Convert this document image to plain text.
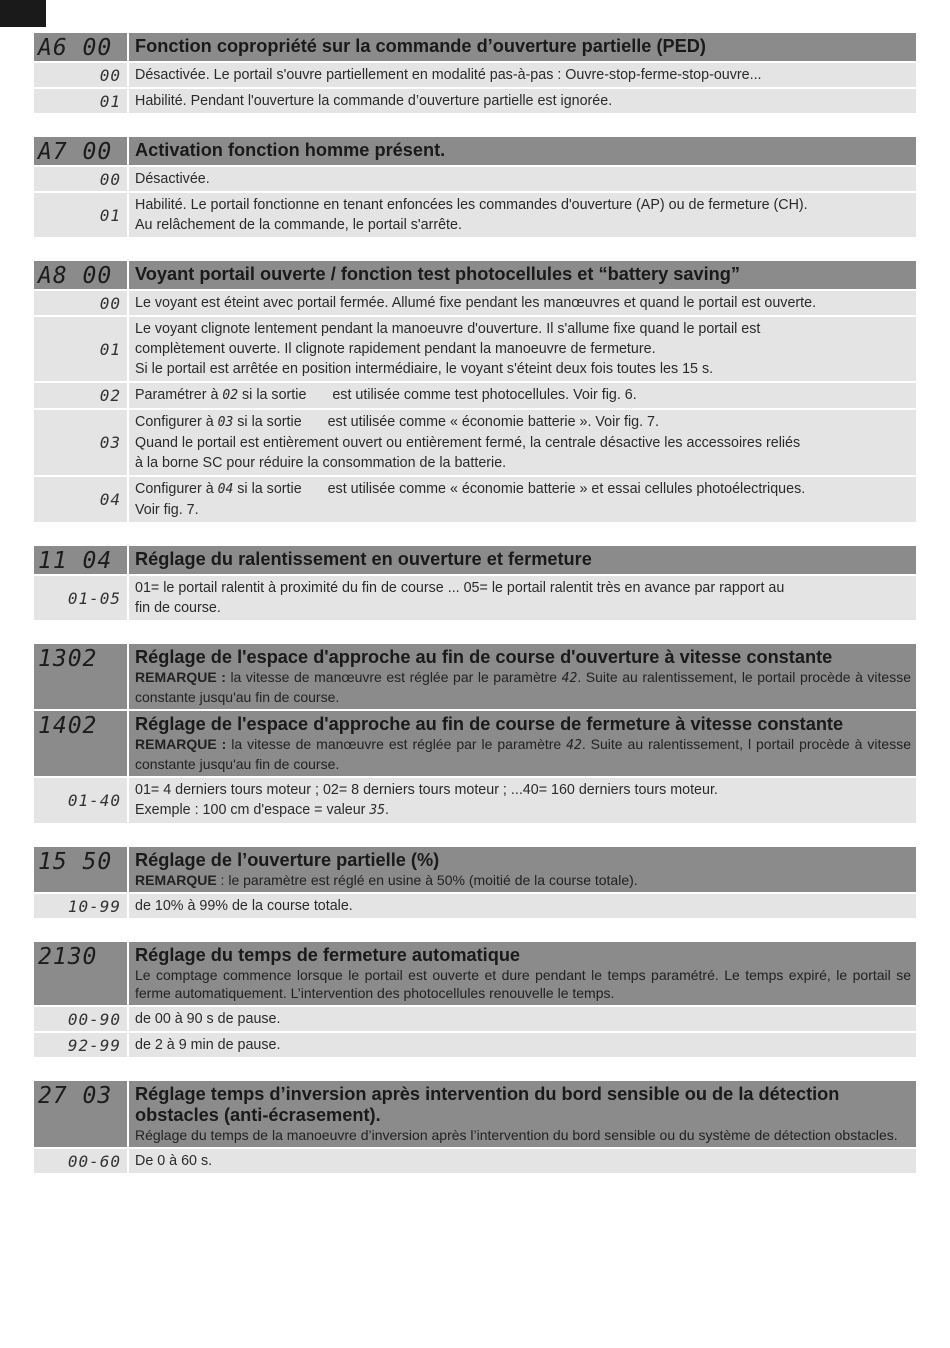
A6 00	Fonction copropriété sur la commande d’ouverture partielle (PED)
00 Désactivée. Le portail s'ouvre partiellement en modalité pas-à-pas : Ouvre-stop-ferme-stop-ouvre...
01 Habilité. Pendant l'ouverture la commande d’ouverture partielle est ignorée.
A7 00	Activation fonction homme présent.
00 Désactivée.
01
Habilité. Le portail fonctionne en tenant enfoncées les commandes d'ouverture (AP) ou de fermeture (CH).
Au relâchement de la commande, le portail s'arrête.
A8 00	Voyant portail ouverte / fonction test photocellules et “battery saving”
00 Le voyant est éteint avec portail fermée. Allumé fixe pendant les manœuvres et quand le portail est ouverte.
01
Le voyant clignote lentement pendant la manoeuvre d'ouverture. Il s'allume fixe quand le portail est
complètement ouverte. Il clignote rapidement pendant la manoeuvre de fermeture.
Si le portail est arrêtée en position intermédiaire, le voyant s'éteint deux fois toutes les 15 s.
02 Paramétrer à 02 si la sortie  est utilisée comme test photocellules. Voir fig. 6.
03
Configurer à 03 si la sortie  est utilisée comme « économie batterie ». Voir fig. 7.
Quand le portail est entièrement ouvert ou entièrement fermé, la centrale désactive les accessoires reliés
à la borne SC pour réduire la consommation de la batterie.
04
Configurer à 04 si la sortie  est utilisée comme « économie batterie » et essai cellules photoélectriques.
Voir fig. 7.
11 04	Réglage du ralentissement en ouverture et fermeture
01-05
01= le portail ralentit à proximité du fin de course ... 05= le portail ralentit très en avance par rapport au
fin de course.
1302	Réglage de l'espace d'approche au fin de course d'ouverture à vitesse constante
REMARQUE : la vitesse de manœuvre est réglée par le paramètre 42. Suite au ralentissement, le portail procède à vitesse constante jusqu'au fin de course.
1402	Réglage de l'espace d'approche au fin de course de fermeture à vitesse constante
REMARQUE : la vitesse de manœuvre est réglée par le paramètre 42. Suite au ralentissement, l portail procède à vitesse constante jusqu'au fin de course.
01-40
01= 4 derniers tours moteur ; 02= 8 derniers tours moteur ; ...40= 160 derniers tours moteur.
Exemple : 100 cm d'espace = valeur 35.
15 50	Réglage de l’ouverture partielle (%)
REMARQUE : le paramètre est réglé en usine à 50% (moitié de la course totale).
10-99 de 10% à 99% de la course totale.
2130	Réglage du temps de fermeture automatique
Le comptage commence lorsque le portail est ouverte et dure pendant le temps paramétré. Le temps expiré, le portail se ferme automatiquement. L’intervention des photocellules renouvelle le temps.
00-90 de 00 à 90 s de pause.
92-99 de 2 à 9 min de pause.
27 03	Réglage temps d’inversion après intervention du bord sensible ou de la détection obstacles (anti-écrasement).
Réglage du temps de la manoeuvre d’inversion après l’intervention du bord sensible ou du système de détection obstacles.
00-60 De 0 à 60 s.
